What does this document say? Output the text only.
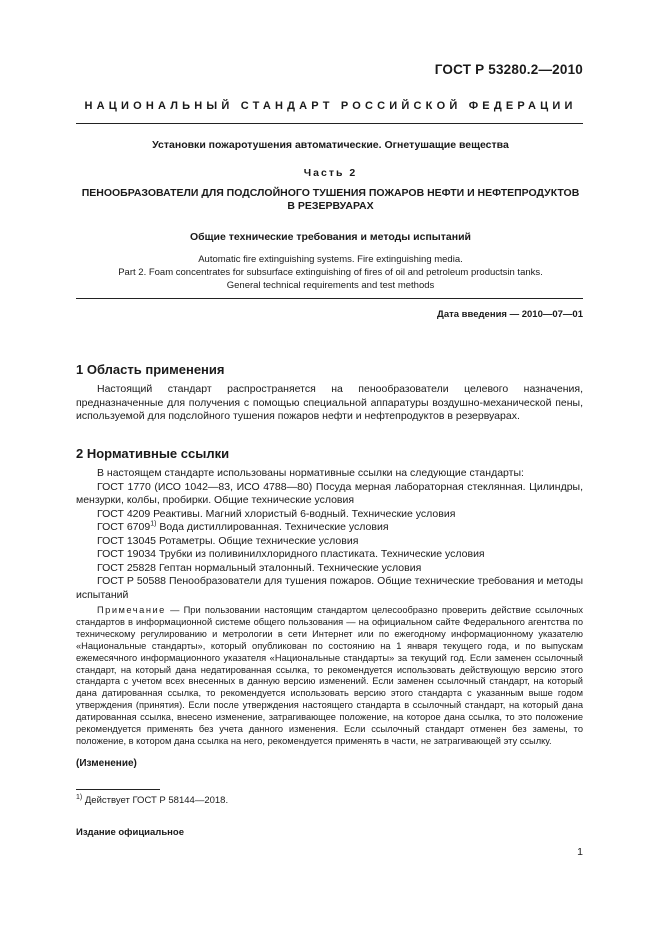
ГОСТ Р 53280.2—2010
НАЦИОНАЛЬНЫЙ СТАНДАРТ РОССИЙСКОЙ ФЕДЕРАЦИИ
Установки пожаротушения автоматические. Огнетушащие вещества
Часть 2
ПЕНООБРАЗОВАТЕЛИ ДЛЯ ПОДСЛОЙНОГО ТУШЕНИЯ ПОЖАРОВ НЕФТИ И НЕФТЕПРОДУКТОВ
В РЕЗЕРВУАРАХ
Общие технические требования и методы испытаний
Automatic fire extinguishing systems. Fire extinguishing media.
Part 2. Foam concentrates for subsurface extinguishing of fires of oil and petroleum productsin tanks.
General technical requirements and test methods
Дата введения — 2010—07—01
1 Область применения
Настоящий стандарт распространяется на пенообразователи целевого назначения, предназначенные для получения с помощью специальной аппаратуры воздушно-механической пены, используемой для подслойного тушения пожаров нефти и нефтепродуктов в резервуарах.
2 Нормативные ссылки
В настоящем стандарте использованы нормативные ссылки на следующие стандарты:
ГОСТ 1770 (ИСО 1042—83, ИСО 4788—80) Посуда мерная лабораторная стеклянная. Цилиндры, мензурки, колбы, пробирки. Общие технические условия
ГОСТ 4209 Реактивы. Магний хлористый 6-водный. Технические условия
ГОСТ 6709$^{1)}$ Вода дистиллированная. Технические условия
ГОСТ 13045 Ротаметры. Общие технические условия
ГОСТ 19034 Трубки из поливинилхлоридного пластиката. Технические условия
ГОСТ 25828 Гептан нормальный эталонный. Технические условия
ГОСТ Р 50588 Пенообразователи для тушения пожаров. Общие технические требования и методы испытаний
Примечание — При пользовании настоящим стандартом целесообразно проверить действие ссылочных стандартов в информационной системе общего пользования — на официальном сайте Федерального агентства по техническому регулированию и метрологии в сети Интернет или по ежегодному информационному указателю «Национальные стандарты», который опубликован по состоянию на 1 января текущего года, и по выпускам ежемесячного информационного указателя «Национальные стандарты» за текущий год. Если заменен ссылочный стандарт, на который дана недатированная ссылка, то рекомендуется использовать действующую версию этого стандарта с учетом всех внесенных в данную версию изменений. Если заменен ссылочный стандарт, на который дана датированная ссылка, то рекомендуется использовать версию этого стандарта с указанным выше годом утверждения (принятия). Если после утверждения настоящего стандарта в ссылочный стандарт, на который дана датированная ссылка, внесено изменение, затрагивающее положение, на которое дана ссылка, то это положение рекомендуется применять без учета данного изменения. Если ссылочный стандарт отменен без замены, то положение, в котором дана ссылка на него, рекомендуется применять в части, не затрагивающей эту ссылку.
(Изменение)
$^{1)}$ Действует ГОСТ Р 58144—2018.
Издание официальное
1
